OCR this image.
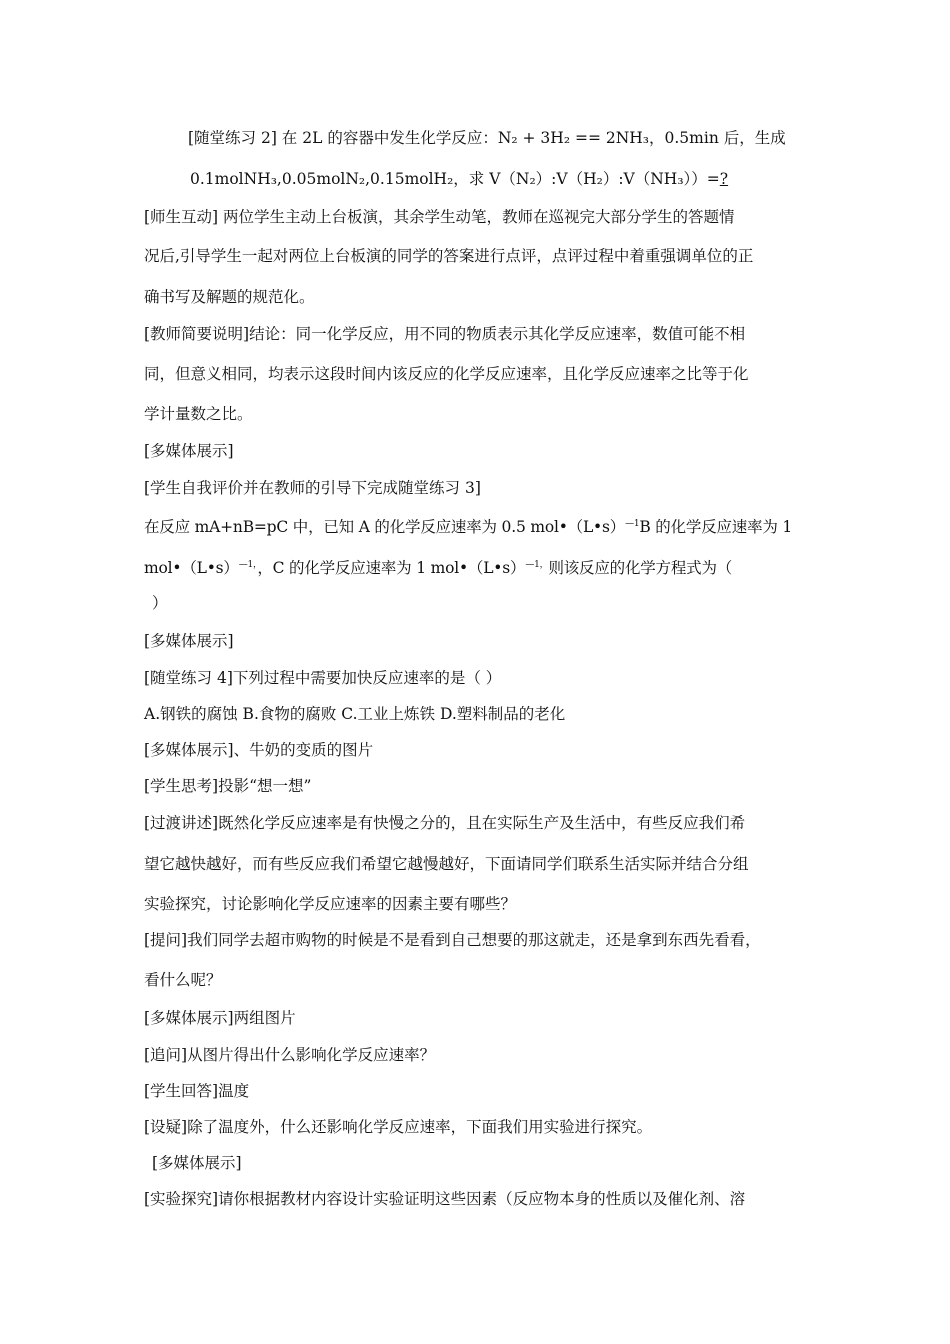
[随堂练习 2] 在 2L 的容器中发生化学反应：N₂ + 3H₂ == 2NH₃，0.5min 后，生成
0.1molNH₃,0.05molN₂,0.15molH₂，求 V（N₂）:V（H₂）:V（NH₃））=?
[师生互动] 两位学生主动上台板演，其余学生动笔，教师在巡视完大部分学生的答题情
况后,引导学生一起对两位上台板演的同学的答案进行点评，点评过程中着重强调单位的正
确书写及解题的规范化。
[教师简要说明]结论：同一化学反应，用不同的物质表示其化学反应速率，数值可能不相
同，但意义相同，均表示这段时间内该反应的化学反应速率，且化学反应速率之比等于化
学计量数之比。
[多媒体展示]
[学生自我评价并在教师的引导下完成随堂练习 3]
在反应 mA+nB=pC 中，已知 A 的化学反应速率为 0.5 mol•（L•s）$^{—1}$B 的化学反应速率为 1
mol•（L•s）$^{—1,}$，C 的化学反应速率为 1 mol•（L•s）$^{—1,}$则该反应的化学方程式为（
）
[多媒体展示]
[随堂练习 4]下列过程中需要加快反应速率的是（ ）
A.钢铁的腐蚀 B.食物的腐败 C.工业上炼铁 D.塑料制品的老化
[多媒体展示]、牛奶的变质的图片
[学生思考]投影“想一想”
[过渡讲述]既然化学反应速率是有快慢之分的，且在实际生产及生活中，有些反应我们希
望它越快越好，而有些反应我们希望它越慢越好，下面请同学们联系生活实际并结合分组
实验探究，讨论影响化学反应速率的因素主要有哪些？
[提问]我们同学去超市购物的时候是不是看到自己想要的那这就走，还是拿到东西先看看，
看什么呢？
[多媒体展示]两组图片
[追问]从图片得出什么影响化学反应速率？
[学生回答]温度
[设疑]除了温度外，什么还影响化学反应速率，下面我们用实验进行探究。
[多媒体展示]
[实验探究]请你根据教材内容设计实验证明这些因素（反应物本身的性质以及催化剂、溶
